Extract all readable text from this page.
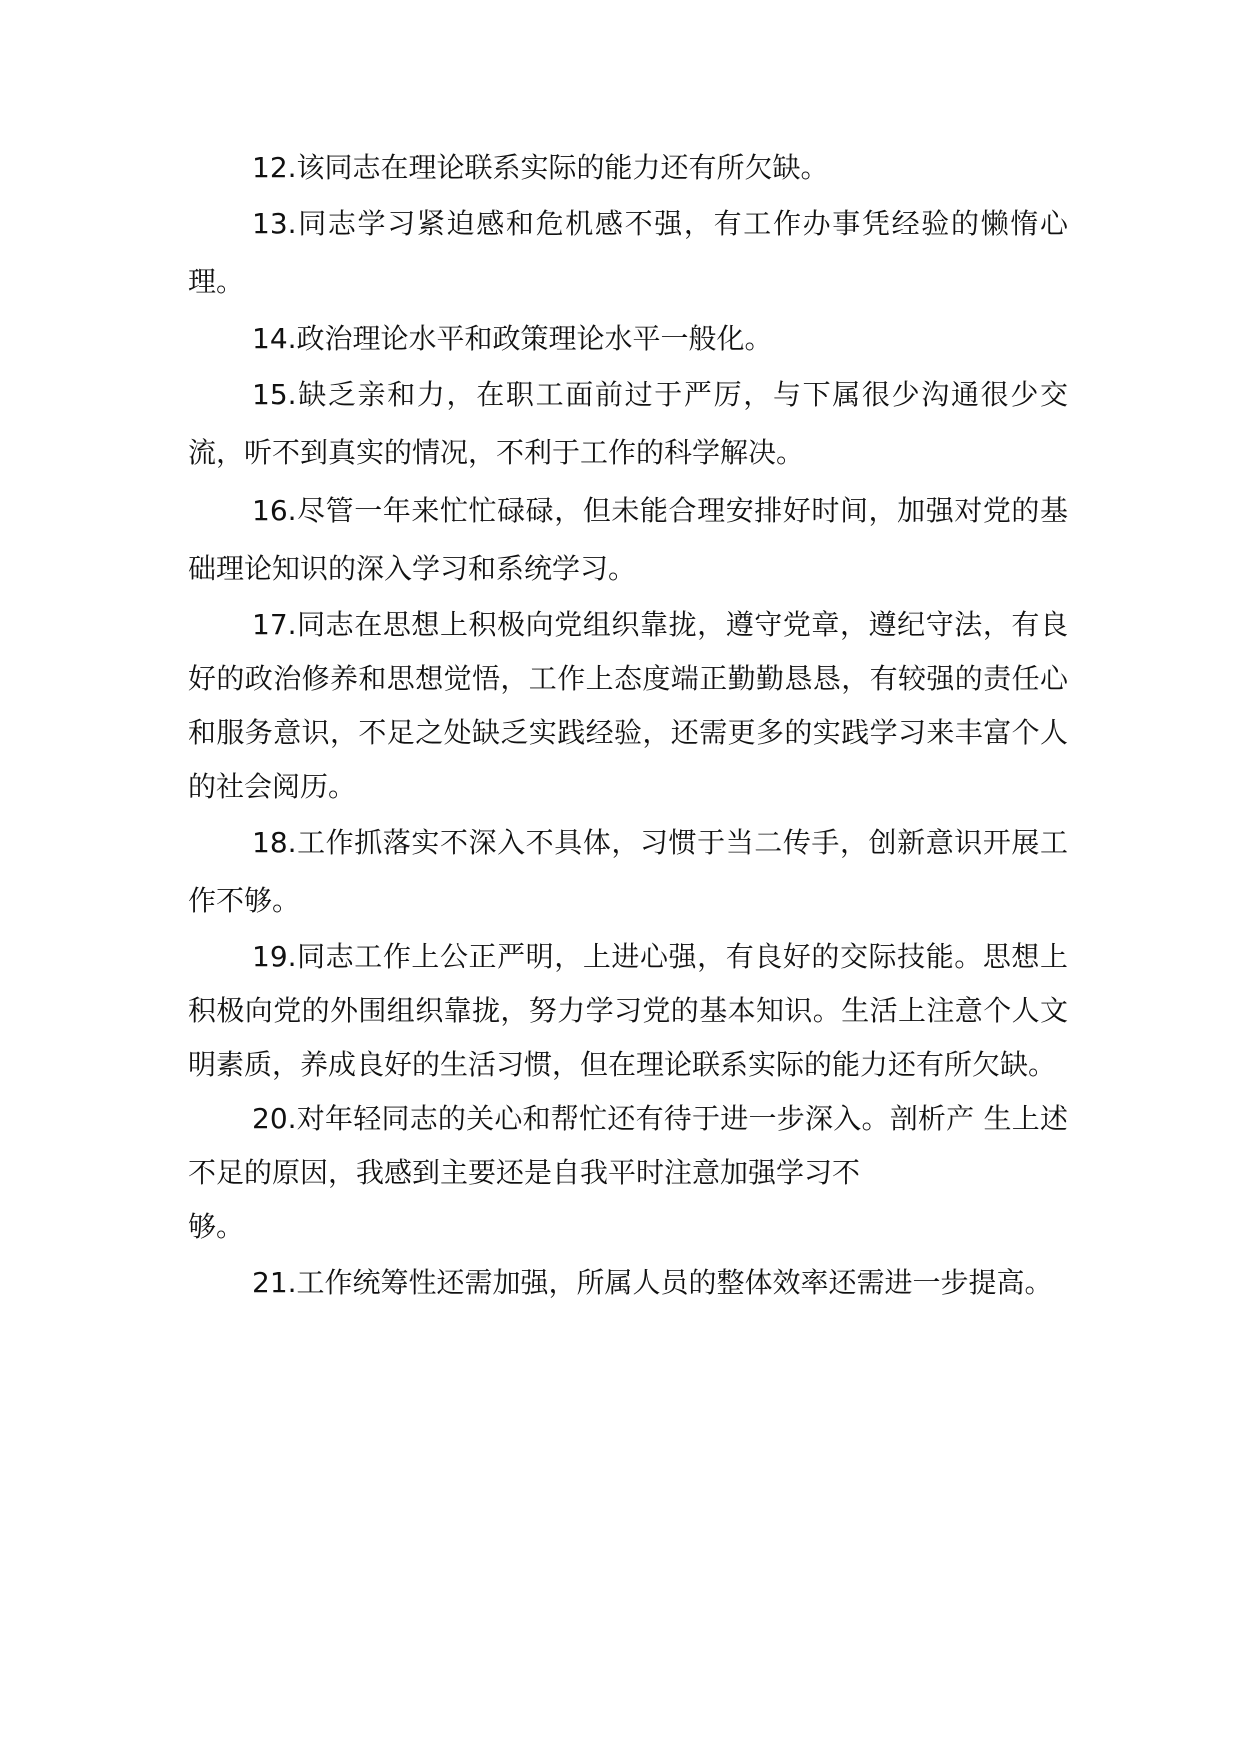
12.该同志在理论联系实际的能力还有所欠缺。

13.同志学习紧迫感和危机感不强，有工作办事凭经验的懒惰心理。

14.政治理论水平和政策理论水平一般化。

15.缺乏亲和力，在职工面前过于严厉，与下属很少沟通很少交流，听不到真实的情况，不利于工作的科学解决。

16.尽管一年来忙忙碌碌，但未能合理安排好时间，加强对党的基础理论知识的深入学习和系统学习。

17.同志在思想上积极向党组织靠拢，遵守党章，遵纪守法，有良好的政治修养和思想觉悟，工作上态度端正勤勤恳恳，有较强的责任心和服务意识，不足之处缺乏实践经验，还需更多的实践学习来丰富个人的社会阅历。

18.工作抓落实不深入不具体，习惯于当二传手，创新意识开展工作不够。

19.同志工作上公正严明，上进心强，有良好的交际技能。思想上积极向党的外围组织靠拢，努力学习党的基本知识。生活上注意个人文明素质，养成良好的生活习惯，但在理论联系实际的能力还有所欠缺。

20.对年轻同志的关心和帮忙还有待于进一步深入。剖析产 生上述不足的原因，我感到主要还是自我平时注意加强学习不
够。

21.工作统筹性还需加强，所属人员的整体效率还需进一步提高。
